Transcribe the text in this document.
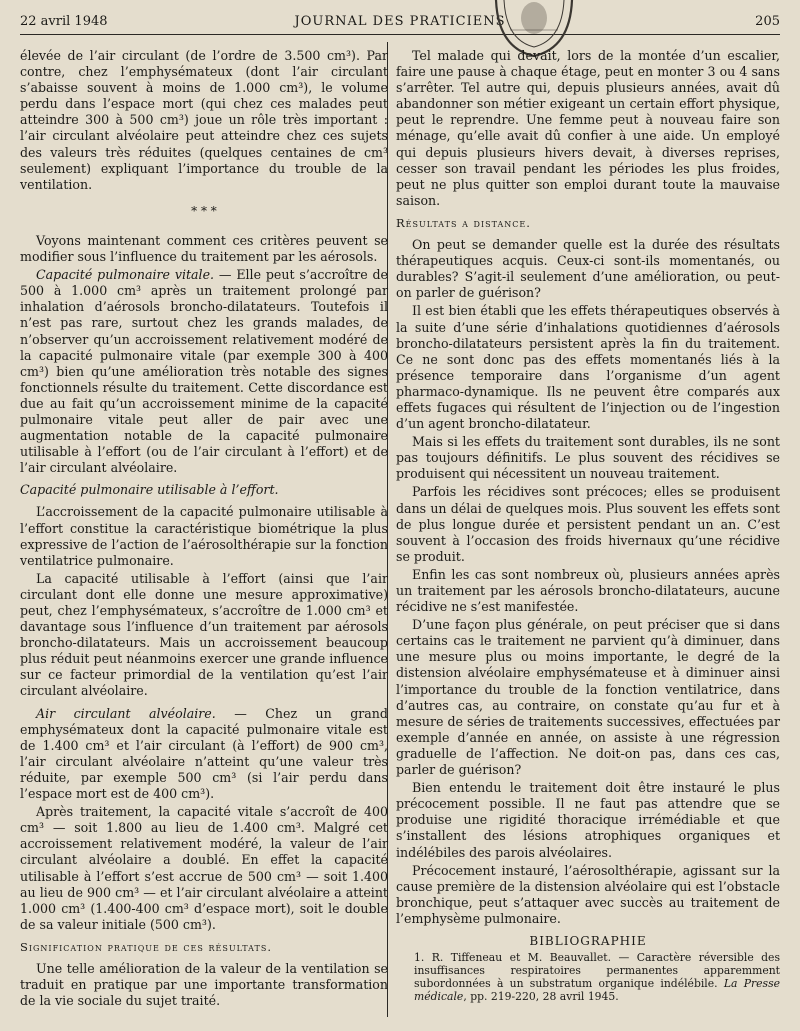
22 avril 1948	JOURNAL DES PRATICIENS	205

élevée de l’air circulant (de l’ordre de 3.500 cm³). Par contre, chez l’emphysémateux (dont l’air circulant s’abaisse souvent à moins de 1.000 cm³), le volume perdu dans l’espace mort (qui chez ces malades peut atteindre 300 à 500 cm³) joue un rôle très important : l’air circulant alvéolaire peut atteindre chez ces sujets des valeurs très réduites (quelques centaines de cm³ seulement) expliquant l’importance du trouble de la ventilation.

* * *

Voyons maintenant comment ces critères peuvent se modifier sous l’influence du traitement par les aérosols.

Capacité pulmonaire vitale. — Elle peut s’accroître de 500 à 1.000 cm³ après un traitement prolongé par inhalation d’aérosols broncho-dilatateurs. Toutefois il n’est pas rare, surtout chez les grands malades, de n’observer qu’un accroissement relativement modéré de la capacité pulmonaire vitale (par exemple 300 à 400 cm³) bien qu’une amélioration très notable des signes fonctionnels résulte du traitement. Cette discordance est due au fait qu’un accroissement minime de la capacité pulmonaire vitale peut aller de pair avec une augmentation notable de la capacité pulmonaire utilisable à l’effort (ou de l’air circulant à l’effort) et de l’air circulant alvéolaire.

Capacité pulmonaire utilisable à l’effort.

L’accroissement de la capacité pulmonaire utilisable à l’effort constitue la caractéristique biométrique la plus expressive de l’action de l’aérosolthérapie sur la fonction ventilatrice pulmonaire.

La capacité utilisable à l’effort (ainsi que l’air circulant dont elle donne une mesure approximative) peut, chez l’emphysémateux, s’accroître de 1.000 cm³ et davantage sous l’influence d’un traitement par aérosols broncho-dilatateurs. Mais un accroissement beaucoup plus réduit peut néanmoins exercer une grande influence sur ce facteur primordial de la ventilation qu’est l’air circulant alvéolaire.

Air circulant alvéolaire. — Chez un grand emphysémateux dont la capacité pulmonaire vitale est de 1.400 cm³ et l’air circulant (à l’effort) de 900 cm³, l’air circulant alvéolaire n’atteint qu’une valeur très réduite, par exemple 500 cm³ (si l’air perdu dans l’espace mort est de 400 cm³).

Après traitement, la capacité vitale s’accroît de 400 cm³ — soit 1.800 au lieu de 1.400 cm³. Malgré cet accroissement relativement modéré, la valeur de l’air circulant alvéolaire a doublé. En effet la capacité utilisable à l’effort s’est accrue de 500 cm³ — soit 1.400 au lieu de 900 cm³ — et l’air circulant alvéolaire a atteint 1.000 cm³ (1.400-400 cm³ d’espace mort), soit le double de sa valeur initiale (500 cm³).

Signification pratique de ces résultats.

Une telle amélioration de la valeur de la ventilation se traduit en pratique par une importante transformation de la vie sociale du sujet traité.

Tel malade qui devait, lors de la montée d’un escalier, faire une pause à chaque étage, peut en monter 3 ou 4 sans s’arrêter. Tel autre qui, depuis plusieurs années, avait dû abandonner son métier exigeant un certain effort physique, peut le reprendre. Une femme peut à nouveau faire son ménage, qu’elle avait dû confier à une aide. Un employé qui depuis plusieurs hivers devait, à diverses reprises, cesser son travail pendant les périodes les plus froides, peut ne plus quitter son emploi durant toute la mauvaise saison.

Résultats a distance.

On peut se demander quelle est la durée des résultats thérapeutiques acquis. Ceux-ci sont-ils momentanés, ou durables? S’agit-il seulement d’une amélioration, ou peut-on parler de guérison?

Il est bien établi que les effets thérapeutiques observés à la suite d’une série d’inhalations quotidiennes d’aérosols broncho-dilatateurs persistent après la fin du traitement. Ce ne sont donc pas des effets momentanés liés à la présence temporaire dans l’organisme d’un agent pharmaco-dynamique. Ils ne peuvent être comparés aux effets fugaces qui résultent de l’injection ou de l’ingestion d’un agent broncho-dilatateur.

Mais si les effets du traitement sont durables, ils ne sont pas toujours définitifs. Le plus souvent des récidives se produisent qui nécessitent un nouveau traitement.

Parfois les récidives sont précoces; elles se produisent dans un délai de quelques mois. Plus souvent les effets sont de plus longue durée et persistent pendant un an. C’est souvent à l’occasion des froids hivernaux qu’une récidive se produit.

Enfin les cas sont nombreux où, plusieurs années après un traitement par les aérosols broncho-dilatateurs, aucune récidive ne s’est manifestée.

D’une façon plus générale, on peut préciser que si dans certains cas le traitement ne parvient qu’à diminuer, dans une mesure plus ou moins importante, le degré de la distension alvéolaire emphysémateuse et à diminuer ainsi l’importance du trouble de la fonction ventilatrice, dans d’autres cas, au contraire, on constate qu’au fur et à mesure de séries de traitements successives, effectuées par exemple d’année en année, on assiste à une régression graduelle de l’affection. Ne doit-on pas, dans ces cas, parler de guérison?

Bien entendu le traitement doit être instauré le plus précocement possible. Il ne faut pas attendre que se produise une rigidité thoracique irrémédiable et que s’installent des lésions atrophiques organiques et indélébiles des parois alvéolaires.

Précocement instauré, l’aérosolthérapie, agissant sur la cause première de la distension alvéolaire qui est l’obstacle bronchique, peut s’attaquer avec succès au traitement de l’emphysème pulmonaire.

BIBLIOGRAPHIE

1. R. Tiffeneau et M. Beauvallet. — Caractère réversible des insuffisances respiratoires permanentes apparemment subordonnées à un substratum organique indélébile. La Presse médicale, pp. 219-220, 28 avril 1945.
